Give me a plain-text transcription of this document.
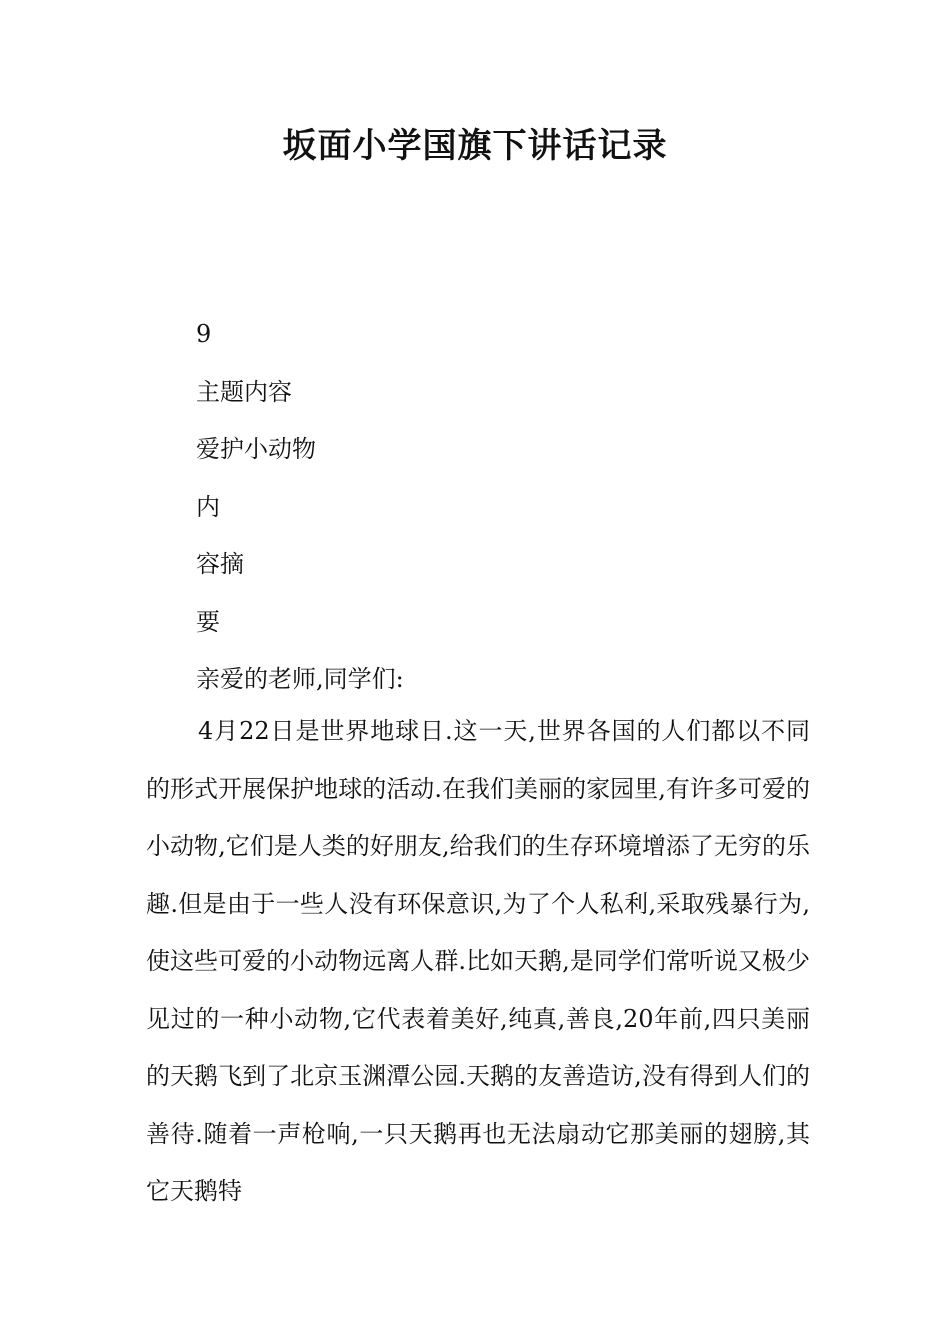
坂面小学国旗下讲话记录
9
主题内容
爱护小动物
内
容摘
要
亲爱的老师,同学们:

4月22日是世界地球日.这一天,世界各国的人们都以不同的形式开展保护地球的活动.在我们美丽的家园里,有许多可爱的小动物,它们是人类的好朋友,给我们的生存环境增添了无穷的乐趣.但是由于一些人没有环保意识,为了个人私利,采取残暴行为,使这些可爱的小动物远离人群.比如天鹅,是同学们常听说又极少见过的一种小动物,它代表着美好,纯真,善良,20年前,四只美丽的天鹅飞到了北京玉渊潭公园.天鹅的友善造访,没有得到人们的善待.随着一声枪响,一只天鹅再也无法扇动它那美丽的翅膀,其它天鹅特
